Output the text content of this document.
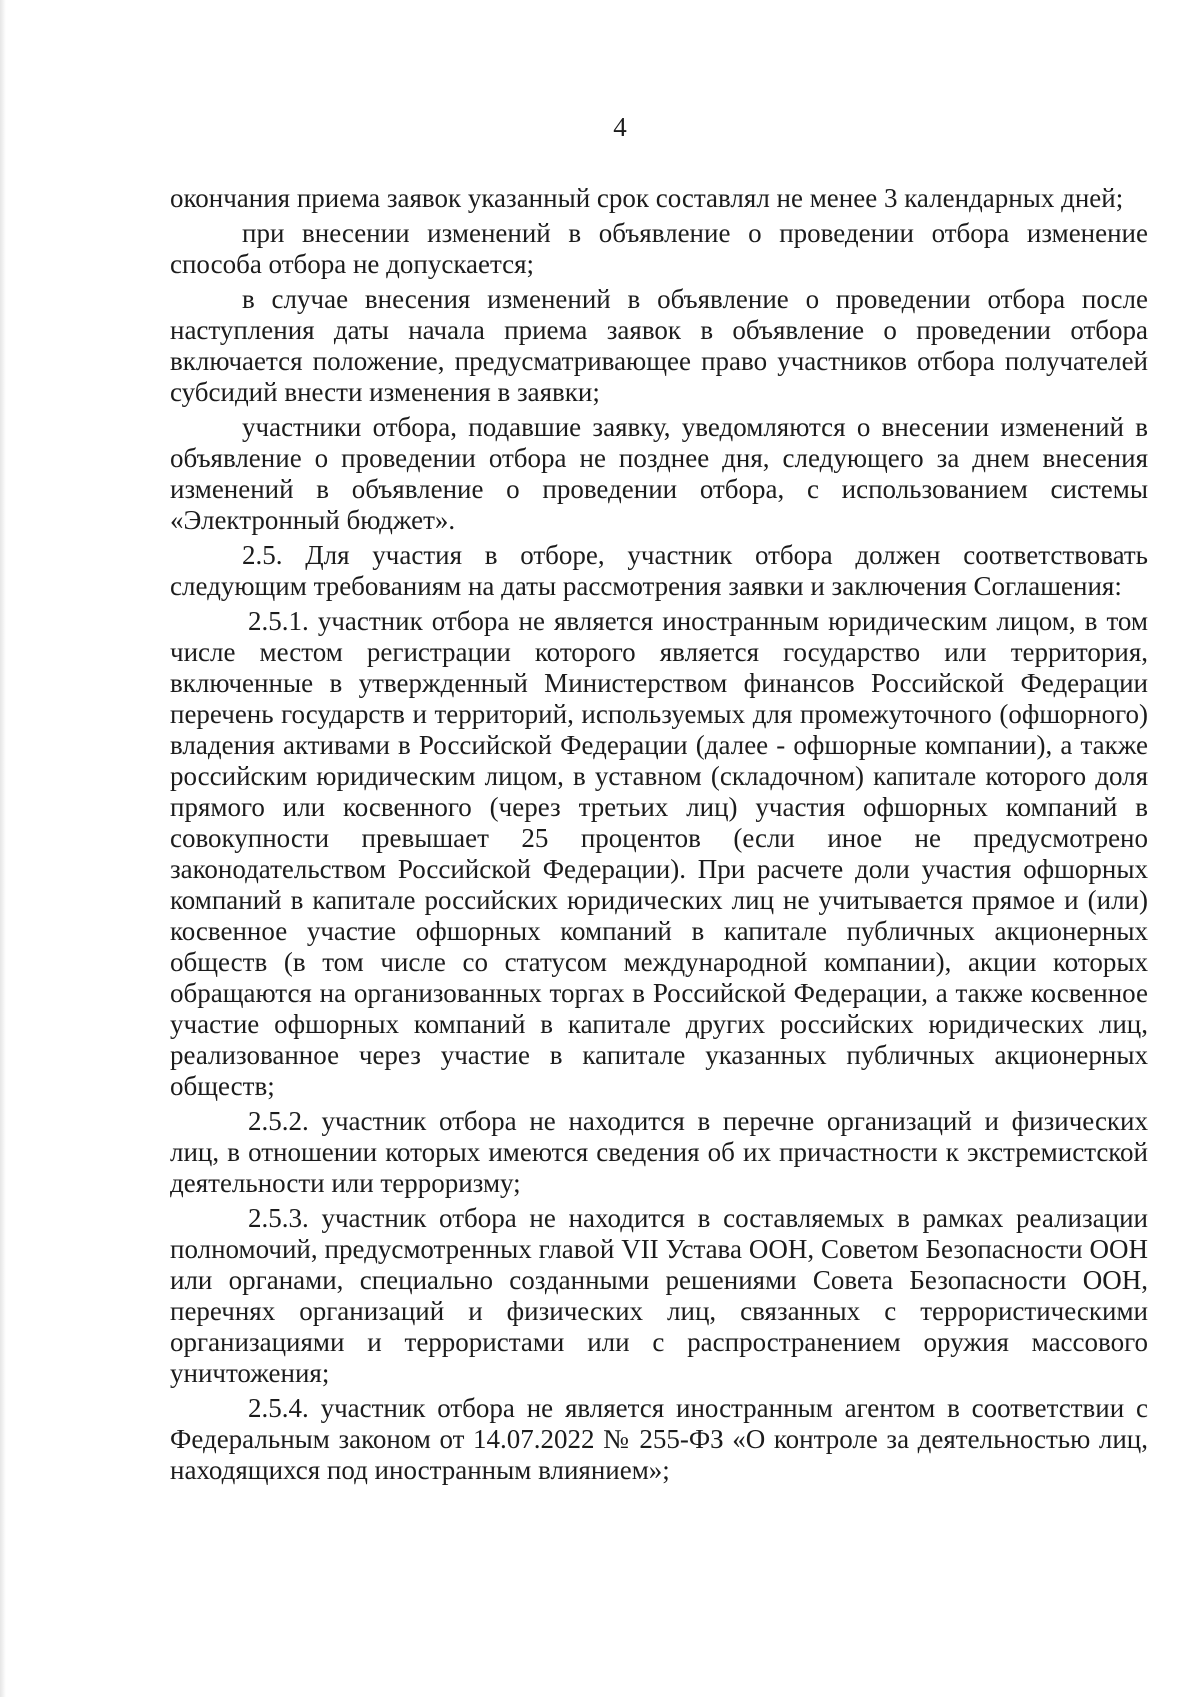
4

окончания приема заявок указанный срок составлял не менее 3 календарных дней;

при внесении изменений в объявление о проведении отбора изменение способа отбора не допускается;

в случае внесения изменений в объявление о проведении отбора после наступления даты начала приема заявок в объявление о проведении отбора включается положение, предусматривающее право участников отбора получателей субсидий внести изменения в заявки;

участники отбора, подавшие заявку, уведомляются о внесении изменений в объявление о проведении отбора не позднее дня, следующего за днем внесения изменений в объявление о проведении отбора, с использованием системы «Электронный бюджет».

2.5. Для участия в отборе, участник отбора должен соответствовать следующим требованиям на даты рассмотрения заявки и заключения Соглашения:

2.5.1. участник отбора не является иностранным юридическим лицом, в том числе местом регистрации которого является государство или территория, включенные в утвержденный Министерством финансов Российской Федерации перечень государств и территорий, используемых для промежуточного (офшорного) владения активами в Российской Федерации (далее - офшорные компании), а также российским юридическим лицом, в уставном (складочном) капитале которого доля прямого или косвенного (через третьих лиц) участия офшорных компаний в совокупности превышает 25 процентов (если иное не предусмотрено законодательством Российской Федерации). При расчете доли участия офшорных компаний в капитале российских юридических лиц не учитывается прямое и (или) косвенное участие офшорных компаний в капитале публичных акционерных обществ (в том числе со статусом международной компании), акции которых обращаются на организованных торгах в Российской Федерации, а также косвенное участие офшорных компаний в капитале других российских юридических лиц, реализованное через участие в капитале указанных публичных акционерных обществ;

2.5.2. участник отбора не находится в перечне организаций и физических лиц, в отношении которых имеются сведения об их причастности к экстремистской деятельности или терроризму;

2.5.3. участник отбора не находится в составляемых в рамках реализации полномочий, предусмотренных главой VII Устава ООН, Советом Безопасности ООН или органами, специально созданными решениями Совета Безопасности ООН, перечнях организаций и физических лиц, связанных с террористическими организациями и террористами или с распространением оружия массового уничтожения;

2.5.4. участник отбора не является иностранным агентом в соответствии с Федеральным законом от 14.07.2022 № 255-ФЗ «О контроле за деятельностью лиц, находящихся под иностранным влиянием»;
